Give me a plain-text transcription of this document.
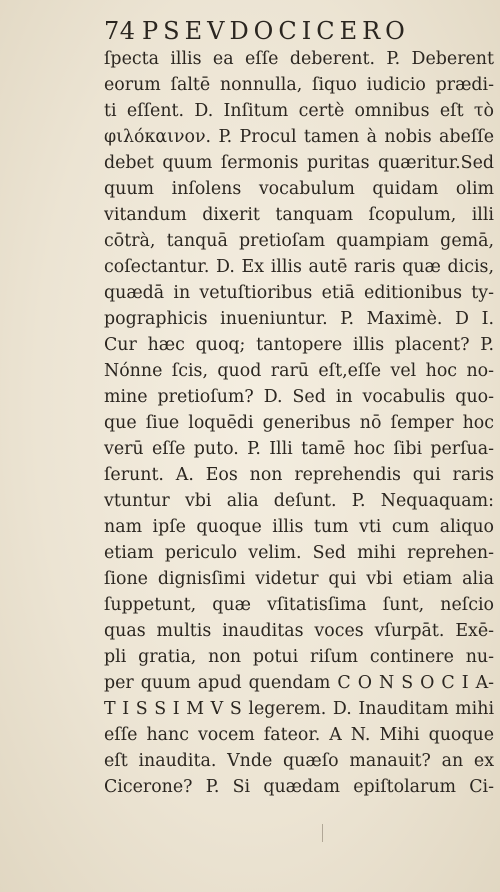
74 PSEVDOCICERO
ſpecta illis ea eſſe deberent. P. Deberent
eorum ſaltē nonnulla, ſiquo iudicio prædi-
ti eſſent. D. Inſitum certè omnibus eſt τὸ
φιλόκαινον. P. Procul tamen à nobis abeſſe
debet quum ſermonis puritas quæritur.Sed
quum inſolens vocabulum quidam olim
vitandum dixerit tanquam ſcopulum, illi
cōtrà, tanquā pretioſam quampiam gemā,
coſectantur. D. Ex illis autē raris quæ dicis,
quædā in vetuſtioribus etiā editionibus ty-
pographicis inueniuntur. P. Maximè. D I.
Cur hæc quoq; tantopere illis placent? P.
Nónne ſcis, quod rarū eſt,eſſe vel hoc no-
mine pretioſum? D. Sed in vocabulis quo-
que ſiue loquēdi generibus nō ſemper hoc
verū eſſe puto. P. Illi tamē hoc ſibi perſua-
ſerunt. A. Eos non reprehendis qui raris
vtuntur vbi alia deſunt. P. Nequaquam:
nam ipſe quoque illis tum vti cum aliquo
etiam periculo velim. Sed mihi reprehen-
ſione dignisſimi videtur qui vbi etiam alia
ſuppetunt, quæ vſitatisſima ſunt, neſcio
quas multis inauditas voces vſurpāt. Exē-
pli gratia, non potui riſum continere nu-
per quum apud quendam C O N S O C I A-
T I S S I M V S legerem. D. Inauditam mihi
eſſe hanc vocem fateor. A N. Mihi quoque
eſt inaudita. Vnde quæſo manauit? an ex
Cicerone? P. Si quædam epiſtolarum Ci-
